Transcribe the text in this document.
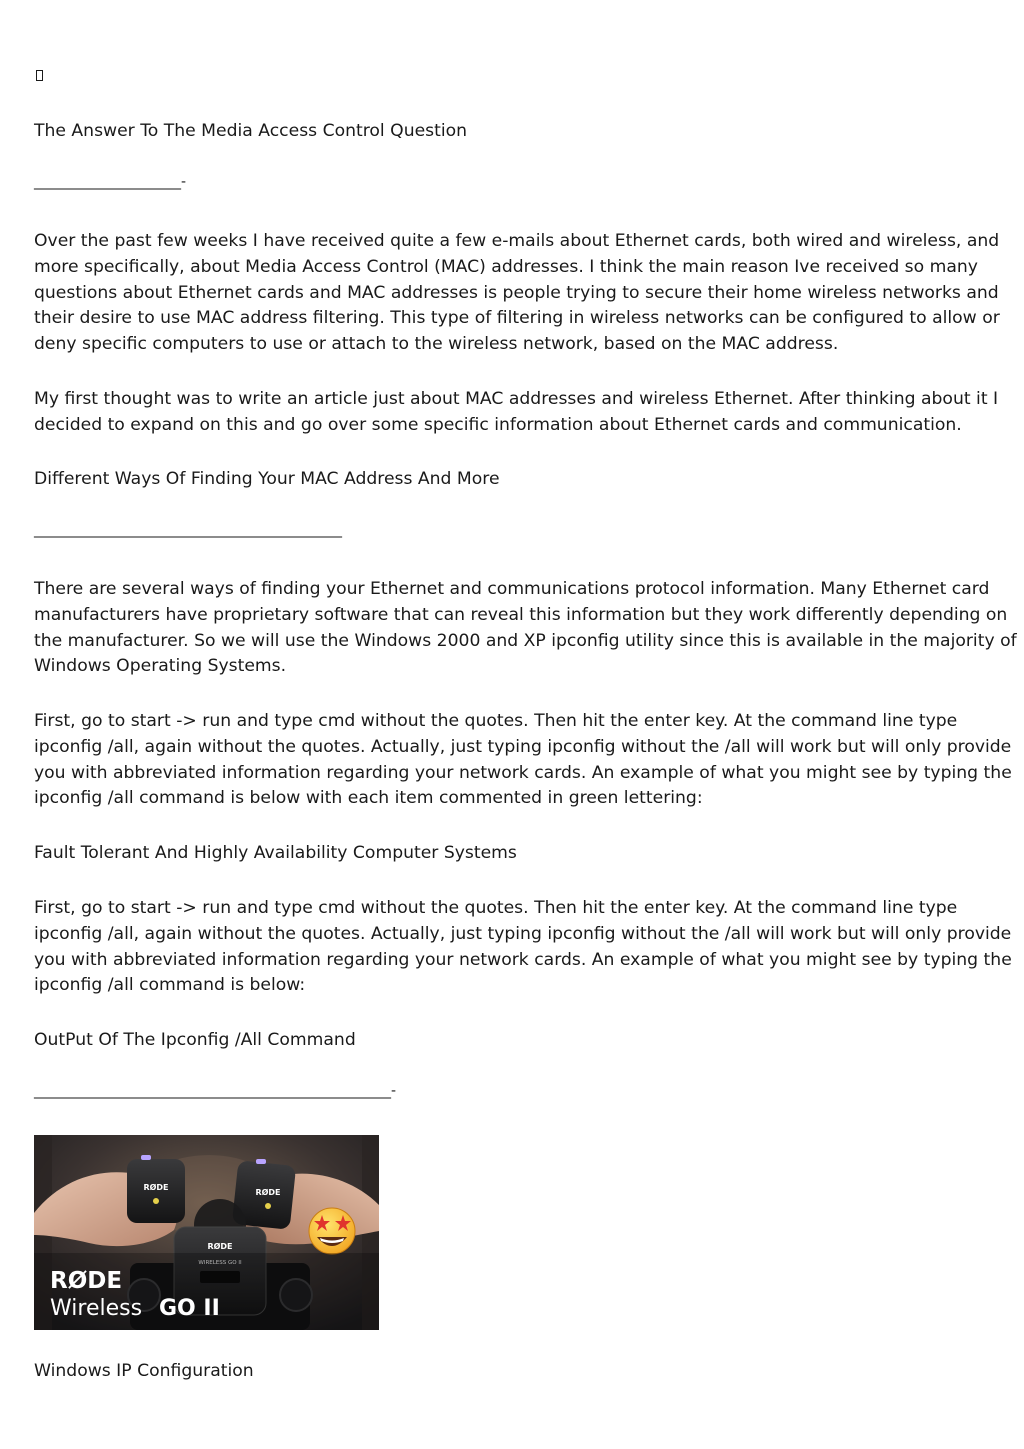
The Answer To The Media Access Control Question
_____________________-
Over the past few weeks I have received quite a few e-mails about Ethernet cards, both wired and wireless, and
more specifically, about Media Access Control (MAC) addresses. I think the main reason Ive received so many
questions about Ethernet cards and MAC addresses is people trying to secure their home wireless networks and
their desire to use MAC address filtering. This type of filtering in wireless networks can be configured to allow or
deny specific computers to use or attach to the wireless network, based on the MAC address.
My first thought was to write an article just about MAC addresses and wireless Ethernet. After thinking about it I
decided to expand on this and go over some specific information about Ethernet cards and communication.
Different Ways Of Finding Your MAC Address And More
____________________________________________
There are several ways of finding your Ethernet and communications protocol information. Many Ethernet card
manufacturers have proprietary software that can reveal this information but they work differently depending on
the manufacturer. So we will use the Windows 2000 and XP ipconfig utility since this is available in the majority of
Windows Operating Systems.
First, go to start -> run and type cmd without the quotes. Then hit the enter key. At the command line type
ipconfig /all, again without the quotes. Actually, just typing ipconfig without the /all will work but will only provide
you with abbreviated information regarding your network cards. An example of what you might see by typing the
ipconfig /all command is below with each item commented in green lettering:
Fault Tolerant And Highly Availability Computer Systems
First, go to start -> run and type cmd without the quotes. Then hit the enter key. At the command line type
ipconfig /all, again without the quotes. Actually, just typing ipconfig without the /all will work but will only provide
you with abbreviated information regarding your network cards. An example of what you might see by typing the
ipconfig /all command is below:
OutPut Of The Ipconfig /All Command
___________________________________________________-
RØDE
RØDE
RØDE
WIRELESS GO II
RØDE
Wireless GO II
Windows IP Configuration
